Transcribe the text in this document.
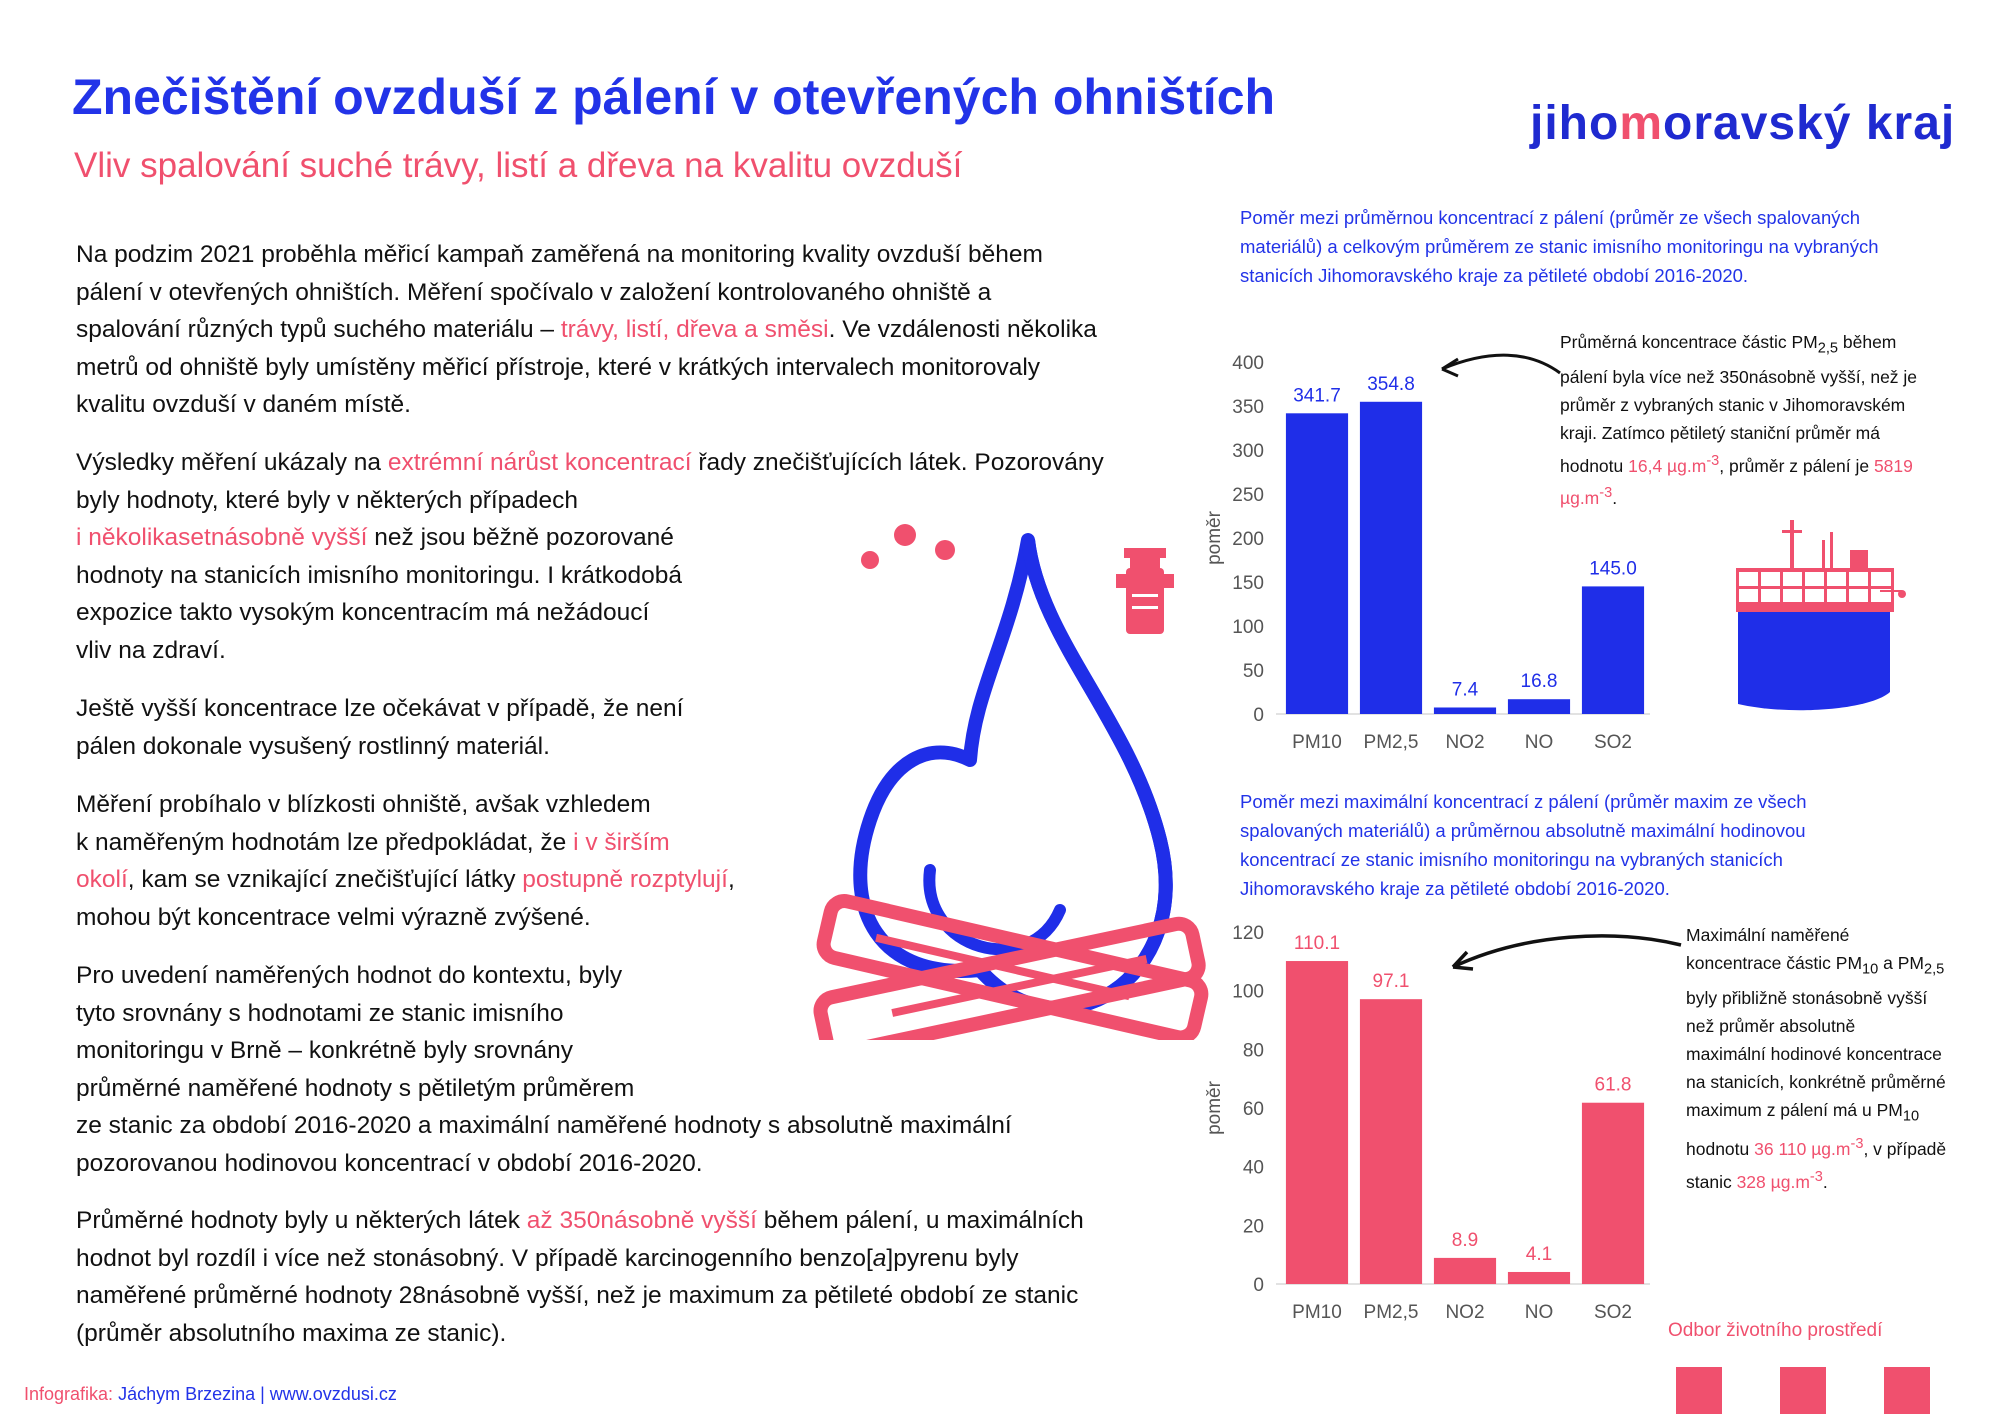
Znečištění ovzduší z pálení v otevřených ohništích
Vliv spalování suché trávy, listí a dřeva na kvalitu ovzduší
jihomoravský kraj
Na podzim 2021 proběhla měřicí kampaň zaměřená na monitoring kvality ovzduší během
pálení v otevřených ohništích. Měření spočívalo v založení kontrolovaného ohniště a
spalování různých typů suchého materiálu – trávy, listí, dřeva a směsi. Ve vzdálenosti několika
metrů od ohniště byly umístěny měřicí přístroje, které v krátkých intervalech monitorovaly
kvalitu ovzduší v daném místě.
Výsledky měření ukázaly na extrémní nárůst koncentrací řady znečišťujících látek. Pozorovány
byly hodnoty, které byly v některých případech
i několikasetnásobně vyšší než jsou běžně pozorované
hodnoty na stanicích imisního monitoringu. I krátkodobá
expozice takto vysokým koncentracím má nežádoucí
vliv na zdraví.
Ještě vyšší koncentrace lze očekávat v případě, že není
pálen dokonale vysušený rostlinný materiál.
Měření probíhalo v blízkosti ohniště, avšak vzhledem
k naměřeným hodnotám lze předpokládat, že i v širším
okolí, kam se vznikající znečišťující látky postupně rozptylují,
mohou být koncentrace velmi výrazně zvýšené.
Pro uvedení naměřených hodnot do kontextu, byly
tyto srovnány s hodnotami ze stanic imisního
monitoringu v Brně – konkrétně byly srovnány
průměrné naměřené hodnoty s pětiletým průměrem
ze stanic za období 2016-2020 a maximální naměřené hodnoty s absolutně maximální
pozorovanou hodinovou koncentrací v období 2016-2020.
Průměrné hodnoty byly u některých látek až 350násobně vyšší během pálení, u maximálních
hodnot byl rozdíl i více než stonásobný. V případě karcinogenního benzo[a]pyrenu byly
naměřené průměrné hodnoty 28násobně vyšší, než je maximum za pětileté období ze stanic
(průměr absolutního maxima ze stanic).
Poměr mezi průměrnou koncentrací z pálení (průměr ze všech spalovaných
materiálů) a celkovým průměrem ze stanic imisního monitoringu na vybraných
stanicích Jihomoravského kraje za pětileté období 2016-2020.
0
50
100
150
200
250
300
350
400
poměr
341.7
PM10
354.8
PM2,5
7.4
NO2
16.8
NO
145.0
SO2
Průměrná koncentrace částic $PM_{2,5}$ během
pálení byla více než 350násobně vyšší, než je
průměr z vybraných stanic v Jihomoravském
kraji. Zatímco pětiletý staniční průměr má
hodnotu 16,4 $\mu g.m^{-3}$, průměr z pálení je 5819
$\mu g.m^{-3}$.
Poměr mezi maximální koncentrací z pálení (průměr maxim ze všech
spalovaných materiálů) a průměrnou absolutně maximální hodinovou
koncentrací ze stanic imisního monitoringu na vybraných stanicích
Jihomoravského kraje za pětileté období 2016-2020.
0
20
40
60
80
100
120
poměr
110.1
PM10
97.1
PM2,5
8.9
NO2
4.1
NO
61.8
SO2
Maximální naměřené
koncentrace částic $PM_{10}$ a $PM_{2,5}$
byly přibližně stonásobně vyšší
než průměr absolutně
maximální hodinové koncentrace
na stanicích, konkrétně průměrné
maximum z pálení má u $PM_{10}$
hodnotu 36 110 $\mu g.m^{-3}$, v případě
stanic 328 $\mu g.m^{-3}$.
Odbor životního prostředí
Infografika: Jáchym Brzezina | www.ovzdusi.cz
